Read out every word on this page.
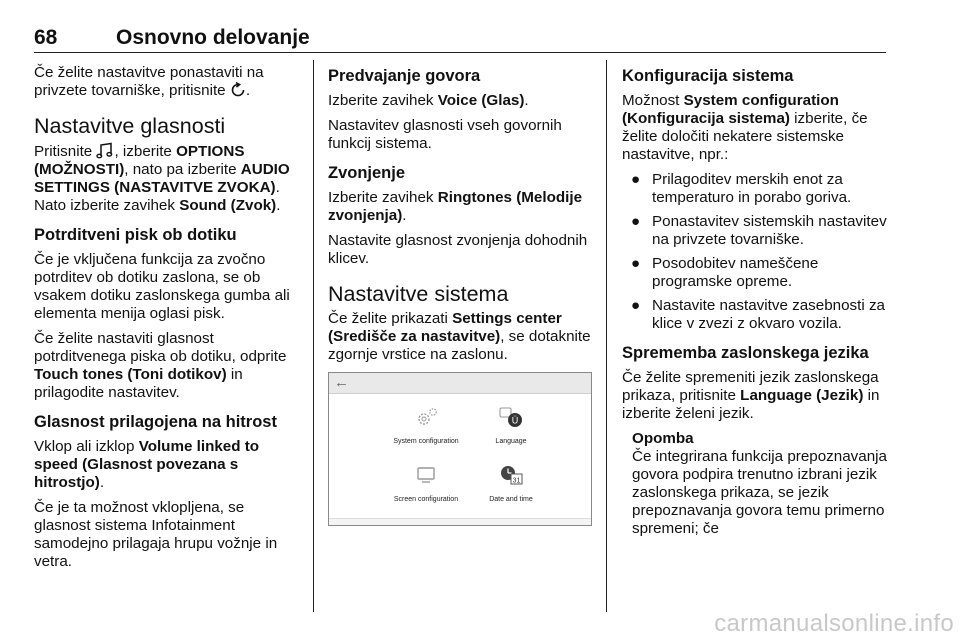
68	Osnovno delovanje

Če želite nastavitve ponastaviti na privzete tovarniške, pritisnite .

Nastavitve glasnosti

Pritisnite , izberite OPTIONS (MOŽNOSTI), nato pa izberite AUDIO SETTINGS (NASTAVITVE ZVOKA). Nato izberite zavihek Sound (Zvok).

Potrditveni pisk ob dotiku

Če je vključena funkcija za zvočno potrditev ob dotiku zaslona, se ob vsakem dotiku zaslonskega gumba ali elementa menija oglasi pisk.

Če želite nastaviti glasnost potrditvenega piska ob dotiku, odprite Touch tones (Toni dotikov) in prilagodite nastavitev.

Glasnost prilagojena na hitrost

Vklop ali izklop Volume linked to speed (Glasnost povezana s hitrostjo).

Če je ta možnost vklopljena, se glasnost sistema Infotainment samodejno prilagaja hrupu vožnje in vetra.

Predvajanje govora

Izberite zavihek Voice (Glas).

Nastavitev glasnosti vseh govornih funkcij sistema.

Zvonjenje

Izberite zavihek Ringtones (Melodije zvonjenja).

Nastavite glasnost zvonjenja dohodnih klicev.

Nastavitve sistema

Če želite prikazati Settings center (Središče za nastavitve), se dotaknite zgornje vrstice na zaslonu.

←
System configuration
Ü
Language
Screen configuration
31
Date and time
Konfiguracija sistema

Možnost System configuration (Konfiguracija sistema) izberite, če želite določiti nekatere sistemske nastavitve, npr.:

● Prilagoditev merskih enot za temperaturo in porabo goriva.
● Ponastavitev sistemskih nastavitev na privzete tovarniške.
● Posodobitev nameščene programske opreme.
● Nastavite nastavitve zasebnosti za klice v zvezi z okvaro vozila.
Sprememba zaslonskega jezika

Če želite spremeniti jezik zaslonskega prikaza, pritisnite Language (Jezik) in izberite želeni jezik.

Opomba
Če integrirana funkcija prepoznavanja govora podpira trenutno izbrani jezik zaslonskega prikaza, se jezik prepoznavanja govora temu primerno spremeni; če
carmanualsonline.info
